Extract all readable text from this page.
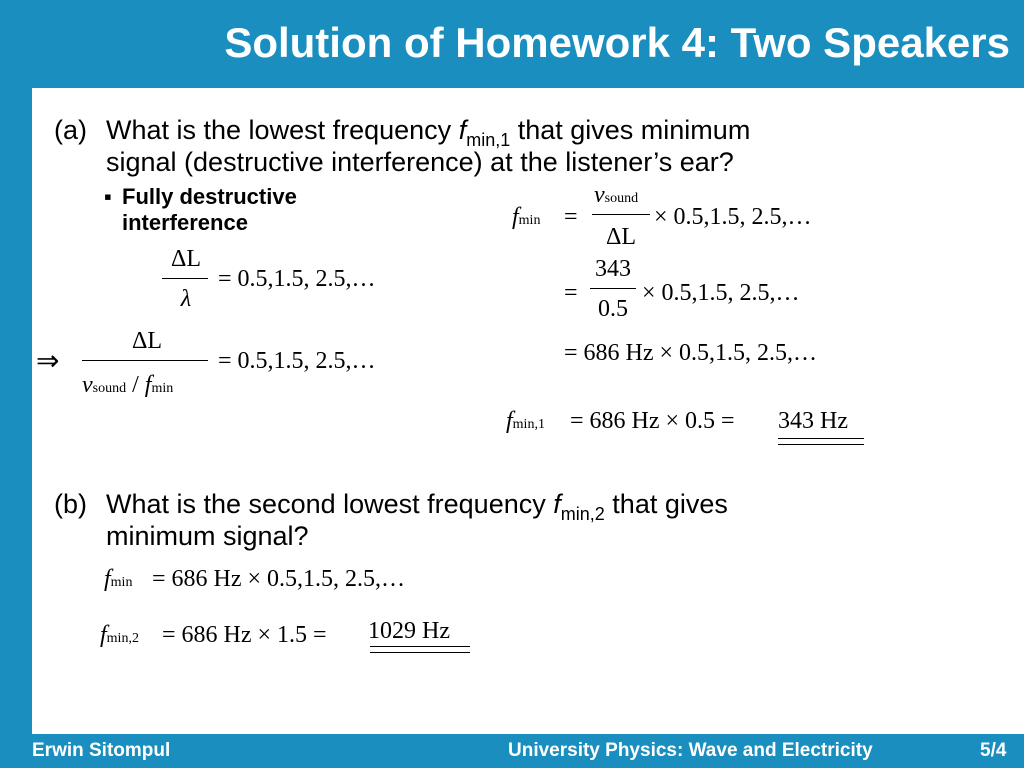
Solution of Homework 4: Two Speakers
(a) What is the lowest frequency $f_{min,1}$ that gives minimum
signal (destructive interference) at the listener’s ear?
▪ Fully destructive
interference
ΔL
λ
= 0.5,1.5, 2.5,…
⇒
ΔL
vsound / fmin
= 0.5,1.5, 2.5,…
fmin =
vsound
ΔL
× 0.5,1.5, 2.5,…
=
343
0.5
× 0.5,1.5, 2.5,…
= 686 Hz × 0.5,1.5, 2.5,…
fmin,1 = 686 Hz × 0.5 = 343 Hz
(b) What is the second lowest frequency $f_{min,2}$ that gives
minimum signal?
fmin = 686 Hz × 0.5,1.5, 2.5,…
fmin,2 = 686 Hz × 1.5 = 1029 Hz
Erwin Sitompul	University Physics: Wave and Electricity	5/4
